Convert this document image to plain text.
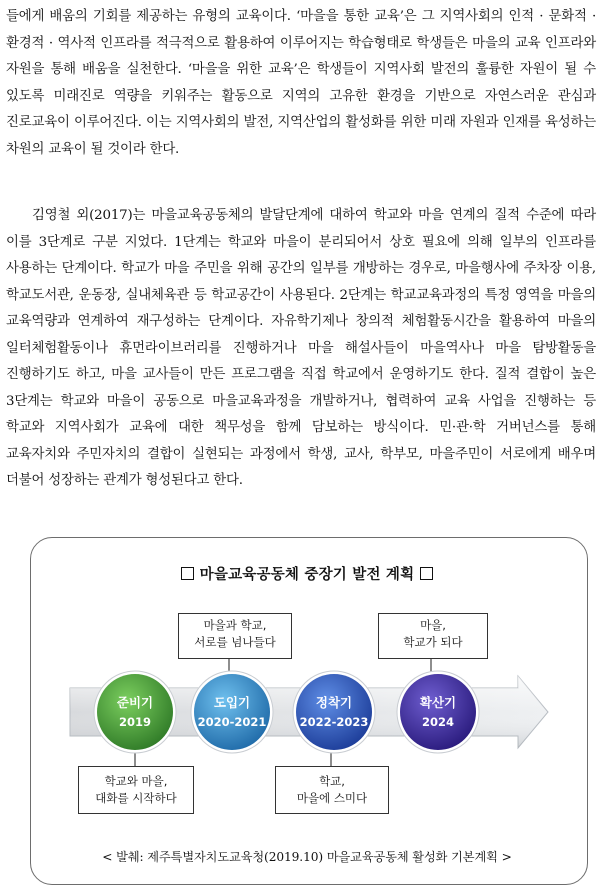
들에게 배움의 기회를 제공하는 유형의 교육이다. ‘마을을 통한 교육’은 그 지역사회의 인적 · 문화적 · 환경적 · 역사적 인프라를 적극적으로 활용하여 이루어지는 학습형태로 학생들은 마을의 교육 인프라와 자원을 통해 배움을 실천한다. ‘마을을 위한 교육’은 학생들이 지역사회 발전의 훌륭한 자원이 될 수 있도록 미래진로 역량을 키워주는 활동으로 지역의 고유한 환경을 기반으로 자연스러운 관심과 진로교육이 이루어진다. 이는 지역사회의 발전, 지역산업의 활성화를 위한 미래 자원과 인재를 육성하는 차원의 교육이 될 것이라 한다.

김영철 외(2017)는 마을교육공동체의 발달단계에 대하여 학교와 마을 연계의 질적 수준에 따라 이를 3단계로 구분 지었다. 1단계는 학교와 마을이 분리되어서 상호 필요에 의해 일부의 인프라를 사용하는 단계이다. 학교가 마을 주민을 위해 공간의 일부를 개방하는 경우로, 마을행사에 주차장 이용, 학교도서관, 운동장, 실내체육관 등 학교공간이 사용된다. 2단계는 학교교육과정의 특정 영역을 마을의 교육역량과 연계하여 재구성하는 단계이다. 자유학기제나 창의적 체험활동시간을 활용하여 마을의 일터체험활동이나 휴먼라이브러리를 진행하거나 마을 해설사들이 마을역사나 마을 탐방활동을 진행하기도 하고, 마을 교사들이 만든 프로그램을 직접 학교에서 운영하기도 한다. 질적 결합이 높은 3단계는 학교와 마을이 공동으로 마을교육과정을 개발하거나, 협력하여 교육 사업을 진행하는 등 학교와 지역사회가 교육에 대한 책무성을 함께 담보하는 방식이다. 민·관·학 거버넌스를 통해 교육자치와 주민자치의 결합이 실현되는 과정에서 학생, 교사, 학부모, 마을주민이 서로에게 배우며 더불어 성장하는 관계가 형성된다고 한다.

마을교육공동체 중장기 발전 계획
준비기
2019
도입기
2020-2021
정착기
2022-2023
확산기
2024
마을과 학교,
서로를 넘나들다
마을,
학교가 되다
학교와 마을,
대화를 시작하다
학교,
마을에 스미다
< 발췌: 제주특별자치도교육청(2019.10) 마을교육공동체 활성화 기본계획 >
